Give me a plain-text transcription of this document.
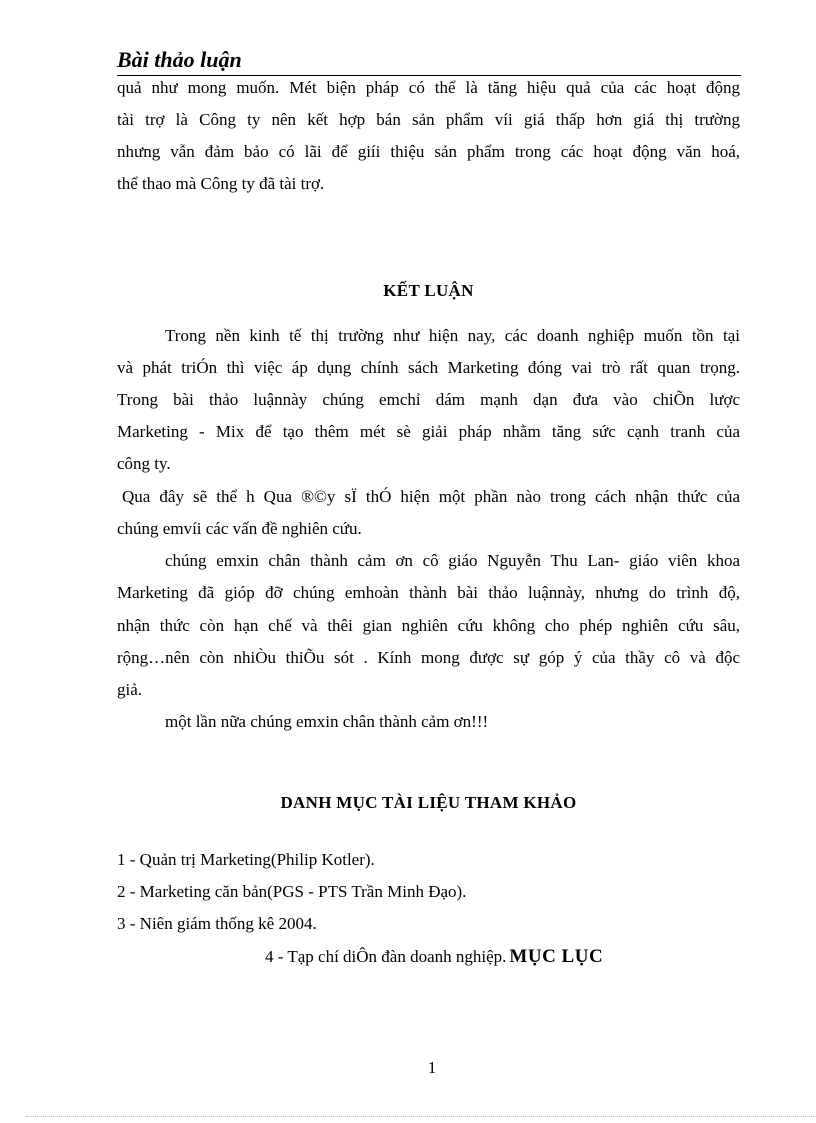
Bài thảo luận
quả như mong muốn. Mét biện pháp có thể là tăng hiệu quả của các hoạt động
tài trợ là Công ty nên kết hợp bán sản phẩm víi giá thấp hơn giá thị trường
nhưng vẫn đảm bảo có lãi để giíi thiệu sản phẩm trong các hoạt động văn hoá,
thể thao mà Công ty đã tài trợ.
KẾT LUẬN
Trong nền kinh tế thị trường như hiện nay, các doanh nghiệp muốn tồn tại
và phát triÓn thì việc áp dụng chính sách Marketing đóng vai trò rất quan trọng.
Trong bài thảo luậnnày chúng emchỉ dám mạnh dạn đưa vào chiÕn lược
Marketing - Mix để tạo thêm mét sè giải pháp nhằm tăng sức cạnh tranh của
công ty.
Qua đây sẽ thể h Qua ®©y sÏ thÓ hiện một phần nào trong cách nhận thức của
chúng emvíi các vấn đề nghiên cứu.
chúng emxin chân thành cảm ơn cô giáo Nguyễn Thu Lan- giáo viên khoa
Marketing đã gióp đỡ chúng emhoàn thành bài thảo luậnnày, nhưng do trình độ,
nhận thức còn hạn chế và thêi gian nghiên cứu không cho phép nghiên cứu sâu,
rộng…nên còn nhiÒu thiÕu sót . Kính mong được sự góp ý của thầy cô và độc
giả.
một lần nữa chúng emxin chân thành cảm ơn!!!
DANH MỤC TÀI LIỆU THAM KHẢO
1 - Quản trị Marketing(Philip Kotler).
2 - Marketing căn bản(PGS - PTS Trần Minh Đạo).
3 - Niên giám thống kê 2004.
4 - Tạp chí diÔn đàn doanh nghiệp. MỤC LỤC
1
